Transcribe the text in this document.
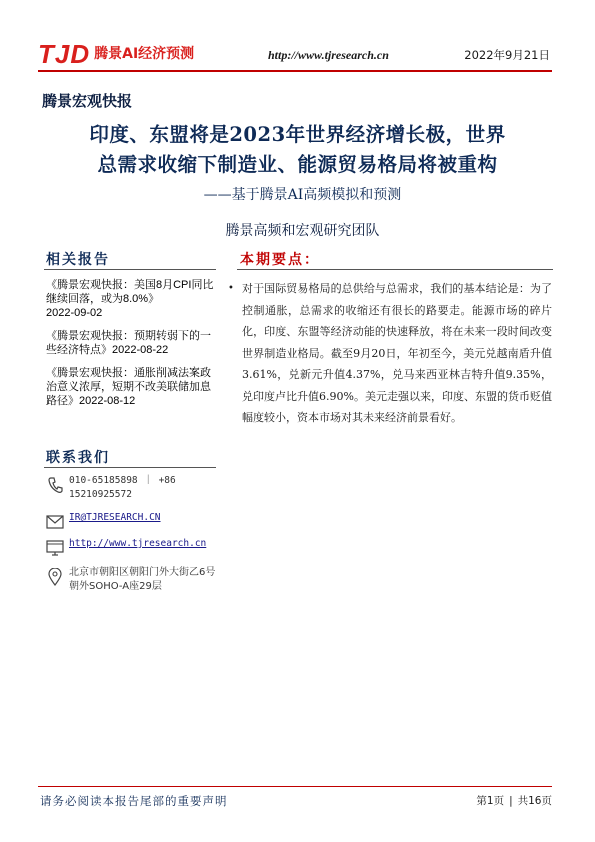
TJD 腾景AI经济预测	http://www.tjresearch.cn	2022年9月21日
腾景宏观快报
印度、东盟将是2023年世界经济增长极，世界
总需求收缩下制造业、能源贸易格局将被重构
——基于腾景AI高频模拟和预测
腾景高频和宏观研究团队
相关报告
《腾景宏观快报：美国8月CPI同比继续回落，或为8.0%》
2022-09-02
《腾景宏观快报：预期转弱下的一些经济特点》2022-08-22
《腾景宏观快报：通胀削减法案政治意义浓厚，短期不改美联储加息路径》2022-08-12
联系我们
010-65185898 ｜ +86 15210925572
IR@TJRESEARCH.CN
http://www.tjresearch.cn
北京市朝阳区朝阳门外大街乙6号朝外SOHO-A座29层
本期要点：
• 对于国际贸易格局的总供给与总需求，我们的基本结论是：为了控制通胀，总需求的收缩还有很长的路要走。能源市场的碎片化，印度、东盟等经济动能的快速释放，将在未来一段时间改变世界制造业格局。截至9月20日，年初至今，美元兑越南盾升值3.61%，兑新元升值4.37%，兑马来西亚林吉特升值9.35%，兑印度卢比升值6.90%。美元走强以来，印度、东盟的货币贬值幅度较小，资本市场对其未来经济前景看好。

请务必阅读本报告尾部的重要声明	第1页 | 共16页
